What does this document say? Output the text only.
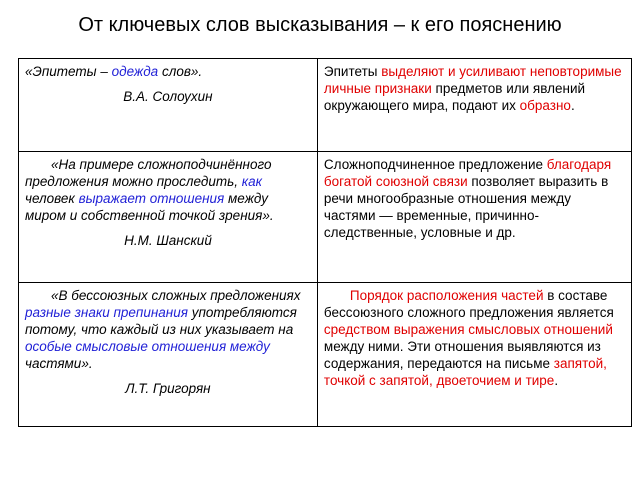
От ключевых слов высказывания – к его пояснению
«Эпитеты – одежда слов».
В.А. Солоухин	Эпитеты выделяют и усиливают неповторимые личные признаки предметов или явлений окружающего мира, подают их образно.

«На примере сложноподчинённого предложения можно проследить, как человек выражает отношения между миром и собственной точкой зрения».
Н.М. Шанский	Сложноподчиненное предложение благодаря богатой союзной связи позволяет выразить в речи многообразные отношения между частями — временные, причинно-следственные, условные и др.

«В бессоюзных сложных предложениях разные знаки препинания употребляются потому, что каждый из них указывает на особые смысловые отношения между частями».
Л.Т. Григорян	Порядок расположения частей в составе бессоюзного сложного предложения является средством выражения смысловых отношений между ними. Эти отношения выявляются из содержания, передаются на письме запятой, точкой с запятой, двоеточием и тире.
